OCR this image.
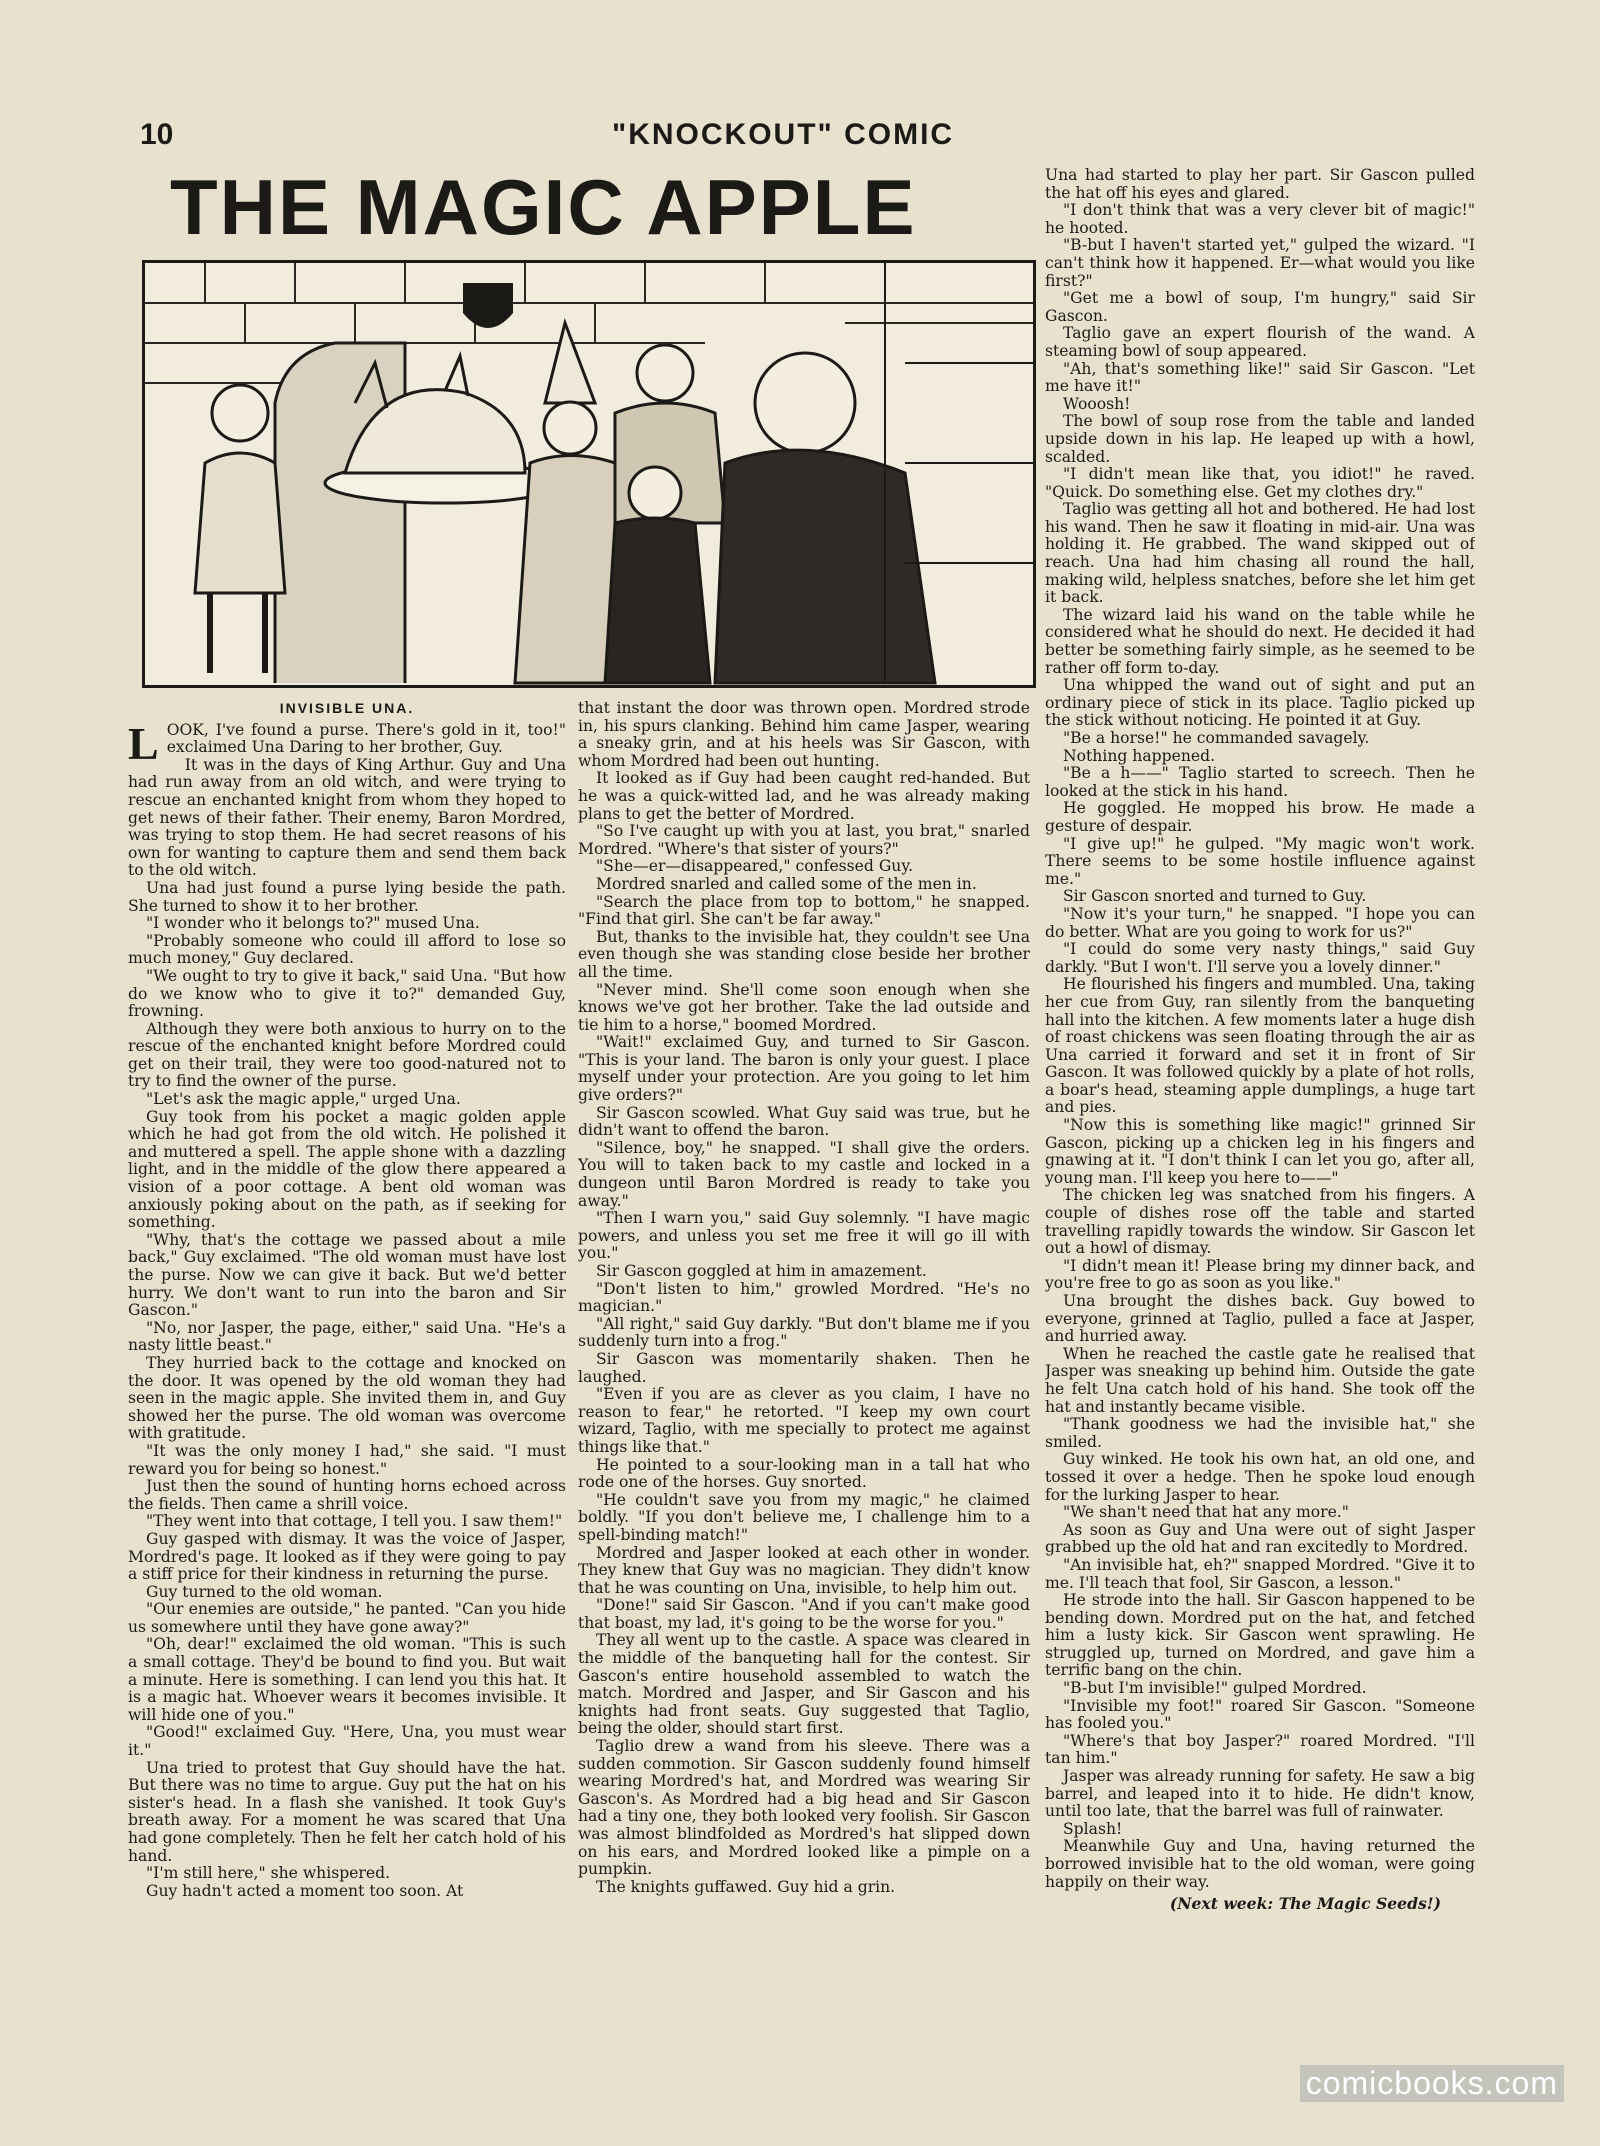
10	"KNOCKOUT" COMIC
THE MAGIC APPLE
INVISIBLE UNA.
L OOK, I've found a purse. There's gold in it, too!" exclaimed Una Daring to her brother, Guy.

It was in the days of King Arthur. Guy and Una had run away from an old witch, and were trying to rescue an enchanted knight from whom they hoped to get news of their father. Their enemy, Baron Mordred, was trying to stop them. He had secret reasons of his own for wanting to capture them and send them back to the old witch.

Una had just found a purse lying beside the path. She turned to show it to her brother.

"I wonder who it belongs to?" mused Una.

"Probably someone who could ill afford to lose so much money," Guy declared.

"We ought to try to give it back," said Una. "But how do we know who to give it to?" demanded Guy, frowning.

Although they were both anxious to hurry on to the rescue of the enchanted knight before Mordred could get on their trail, they were too good-natured not to try to find the owner of the purse.

"Let's ask the magic apple," urged Una.

Guy took from his pocket a magic golden apple which he had got from the old witch. He polished it and muttered a spell. The apple shone with a dazzling light, and in the middle of the glow there appeared a vision of a poor cottage. A bent old woman was anxiously poking about on the path, as if seeking for something.

"Why, that's the cottage we passed about a mile back," Guy exclaimed. "The old woman must have lost the purse. Now we can give it back. But we'd better hurry. We don't want to run into the baron and Sir Gascon."

"No, nor Jasper, the page, either," said Una. "He's a nasty little beast."

They hurried back to the cottage and knocked on the door. It was opened by the old woman they had seen in the magic apple. She invited them in, and Guy showed her the purse. The old woman was overcome with gratitude.

"It was the only money I had," she said. "I must reward you for being so honest."

Just then the sound of hunting horns echoed across the fields. Then came a shrill voice.

"They went into that cottage, I tell you. I saw them!"

Guy gasped with dismay. It was the voice of Jasper, Mordred's page. It looked as if they were going to pay a stiff price for their kindness in returning the purse.

Guy turned to the old woman.

"Our enemies are outside," he panted. "Can you hide us somewhere until they have gone away?"

"Oh, dear!" exclaimed the old woman. "This is such a small cottage. They'd be bound to find you. But wait a minute. Here is something. I can lend you this hat. It is a magic hat. Whoever wears it becomes invisible. It will hide one of you."

"Good!" exclaimed Guy. "Here, Una, you must wear it."

Una tried to protest that Guy should have the hat. But there was no time to argue. Guy put the hat on his sister's head. In a flash she vanished. It took Guy's breath away. For a moment he was scared that Una had gone completely. Then he felt her catch hold of his hand.

"I'm still here," she whispered.

Guy hadn't acted a moment too soon. At

that instant the door was thrown open. Mordred strode in, his spurs clanking. Behind him came Jasper, wearing a sneaky grin, and at his heels was Sir Gascon, with whom Mordred had been out hunting.

It looked as if Guy had been caught red-handed. But he was a quick-witted lad, and he was already making plans to get the better of Mordred.

"So I've caught up with you at last, you brat," snarled Mordred. "Where's that sister of yours?"

"She—er—disappeared," confessed Guy.

Mordred snarled and called some of the men in.

"Search the place from top to bottom," he snapped. "Find that girl. She can't be far away."

But, thanks to the invisible hat, they couldn't see Una even though she was standing close beside her brother all the time.

"Never mind. She'll come soon enough when she knows we've got her brother. Take the lad outside and tie him to a horse," boomed Mordred.

"Wait!" exclaimed Guy, and turned to Sir Gascon. "This is your land. The baron is only your guest. I place myself under your protection. Are you going to let him give orders?"

Sir Gascon scowled. What Guy said was true, but he didn't want to offend the baron.

"Silence, boy," he snapped. "I shall give the orders. You will to taken back to my castle and locked in a dungeon until Baron Mordred is ready to take you away."

"Then I warn you," said Guy solemnly. "I have magic powers, and unless you set me free it will go ill with you."

Sir Gascon goggled at him in amazement.

"Don't listen to him," growled Mordred. "He's no magician."

"All right," said Guy darkly. "But don't blame me if you suddenly turn into a frog."

Sir Gascon was momentarily shaken. Then he laughed.

"Even if you are as clever as you claim, I have no reason to fear," he retorted. "I keep my own court wizard, Taglio, with me specially to protect me against things like that."

He pointed to a sour-looking man in a tall hat who rode one of the horses. Guy snorted.

"He couldn't save you from my magic," he claimed boldly. "If you don't believe me, I challenge him to a spell-binding match!"

Mordred and Jasper looked at each other in wonder. They knew that Guy was no magician. They didn't know that he was counting on Una, invisible, to help him out.

"Done!" said Sir Gascon. "And if you can't make good that boast, my lad, it's going to be the worse for you."

They all went up to the castle. A space was cleared in the middle of the banqueting hall for the contest. Sir Gascon's entire household assembled to watch the match. Mordred and Jasper, and Sir Gascon and his knights had front seats. Guy suggested that Taglio, being the older, should start first.

Taglio drew a wand from his sleeve. There was a sudden commotion. Sir Gascon suddenly found himself wearing Mordred's hat, and Mordred was wearing Sir Gascon's. As Mordred had a big head and Sir Gascon had a tiny one, they both looked very foolish. Sir Gascon was almost blindfolded as Mordred's hat slipped down on his ears, and Mordred looked like a pimple on a pumpkin.

The knights guffawed. Guy hid a grin.

Una had started to play her part. Sir Gascon pulled the hat off his eyes and glared.

"I don't think that was a very clever bit of magic!" he hooted.

"B-but I haven't started yet," gulped the wizard. "I can't think how it happened. Er—what would you like first?"

"Get me a bowl of soup, I'm hungry," said Sir Gascon.

Taglio gave an expert flourish of the wand. A steaming bowl of soup appeared.

"Ah, that's something like!" said Sir Gascon. "Let me have it!"

Wooosh!

The bowl of soup rose from the table and landed upside down in his lap. He leaped up with a howl, scalded.

"I didn't mean like that, you idiot!" he raved. "Quick. Do something else. Get my clothes dry."

Taglio was getting all hot and bothered. He had lost his wand. Then he saw it floating in mid-air. Una was holding it. He grabbed. The wand skipped out of reach. Una had him chasing all round the hall, making wild, helpless snatches, before she let him get it back.

The wizard laid his wand on the table while he considered what he should do next. He decided it had better be something fairly simple, as he seemed to be rather off form to-day.

Una whipped the wand out of sight and put an ordinary piece of stick in its place. Taglio picked up the stick without noticing. He pointed it at Guy.

"Be a horse!" he commanded savagely.

Nothing happened.

"Be a h——" Taglio started to screech. Then he looked at the stick in his hand.

He goggled. He mopped his brow. He made a gesture of despair.

"I give up!" he gulped. "My magic won't work. There seems to be some hostile influence against me."

Sir Gascon snorted and turned to Guy.

"Now it's your turn," he snapped. "I hope you can do better. What are you going to work for us?"

"I could do some very nasty things," said Guy darkly. "But I won't. I'll serve you a lovely dinner."

He flourished his fingers and mumbled. Una, taking her cue from Guy, ran silently from the banqueting hall into the kitchen. A few moments later a huge dish of roast chickens was seen floating through the air as Una carried it forward and set it in front of Sir Gascon. It was followed quickly by a plate of hot rolls, a boar's head, steaming apple dumplings, a huge tart and pies.

"Now this is something like magic!" grinned Sir Gascon, picking up a chicken leg in his fingers and gnawing at it. "I don't think I can let you go, after all, young man. I'll keep you here to——"

The chicken leg was snatched from his fingers. A couple of dishes rose off the table and started travelling rapidly towards the window. Sir Gascon let out a howl of dismay.

"I didn't mean it! Please bring my dinner back, and you're free to go as soon as you like."

Una brought the dishes back. Guy bowed to everyone, grinned at Taglio, pulled a face at Jasper, and hurried away.

When he reached the castle gate he realised that Jasper was sneaking up behind him. Outside the gate he felt Una catch hold of his hand. She took off the hat and instantly became visible.

"Thank goodness we had the invisible hat," she smiled.

Guy winked. He took his own hat, an old one, and tossed it over a hedge. Then he spoke loud enough for the lurking Jasper to hear.

"We shan't need that hat any more."

As soon as Guy and Una were out of sight Jasper grabbed up the old hat and ran excitedly to Mordred.

"An invisible hat, eh?" snapped Mordred. "Give it to me. I'll teach that fool, Sir Gascon, a lesson."

He strode into the hall. Sir Gascon happened to be bending down. Mordred put on the hat, and fetched him a lusty kick. Sir Gascon went sprawling. He struggled up, turned on Mordred, and gave him a terrific bang on the chin.

"B-but I'm invisible!" gulped Mordred.

"Invisible my foot!" roared Sir Gascon. "Someone has fooled you."

"Where's that boy Jasper?" roared Mordred. "I'll tan him."

Jasper was already running for safety. He saw a big barrel, and leaped into it to hide. He didn't know, until too late, that the barrel was full of rainwater.

Splash!

Meanwhile Guy and Una, having returned the borrowed invisible hat to the old woman, were going happily on their way.

(Next week: The Magic Seeds!)
comicbooks.com
